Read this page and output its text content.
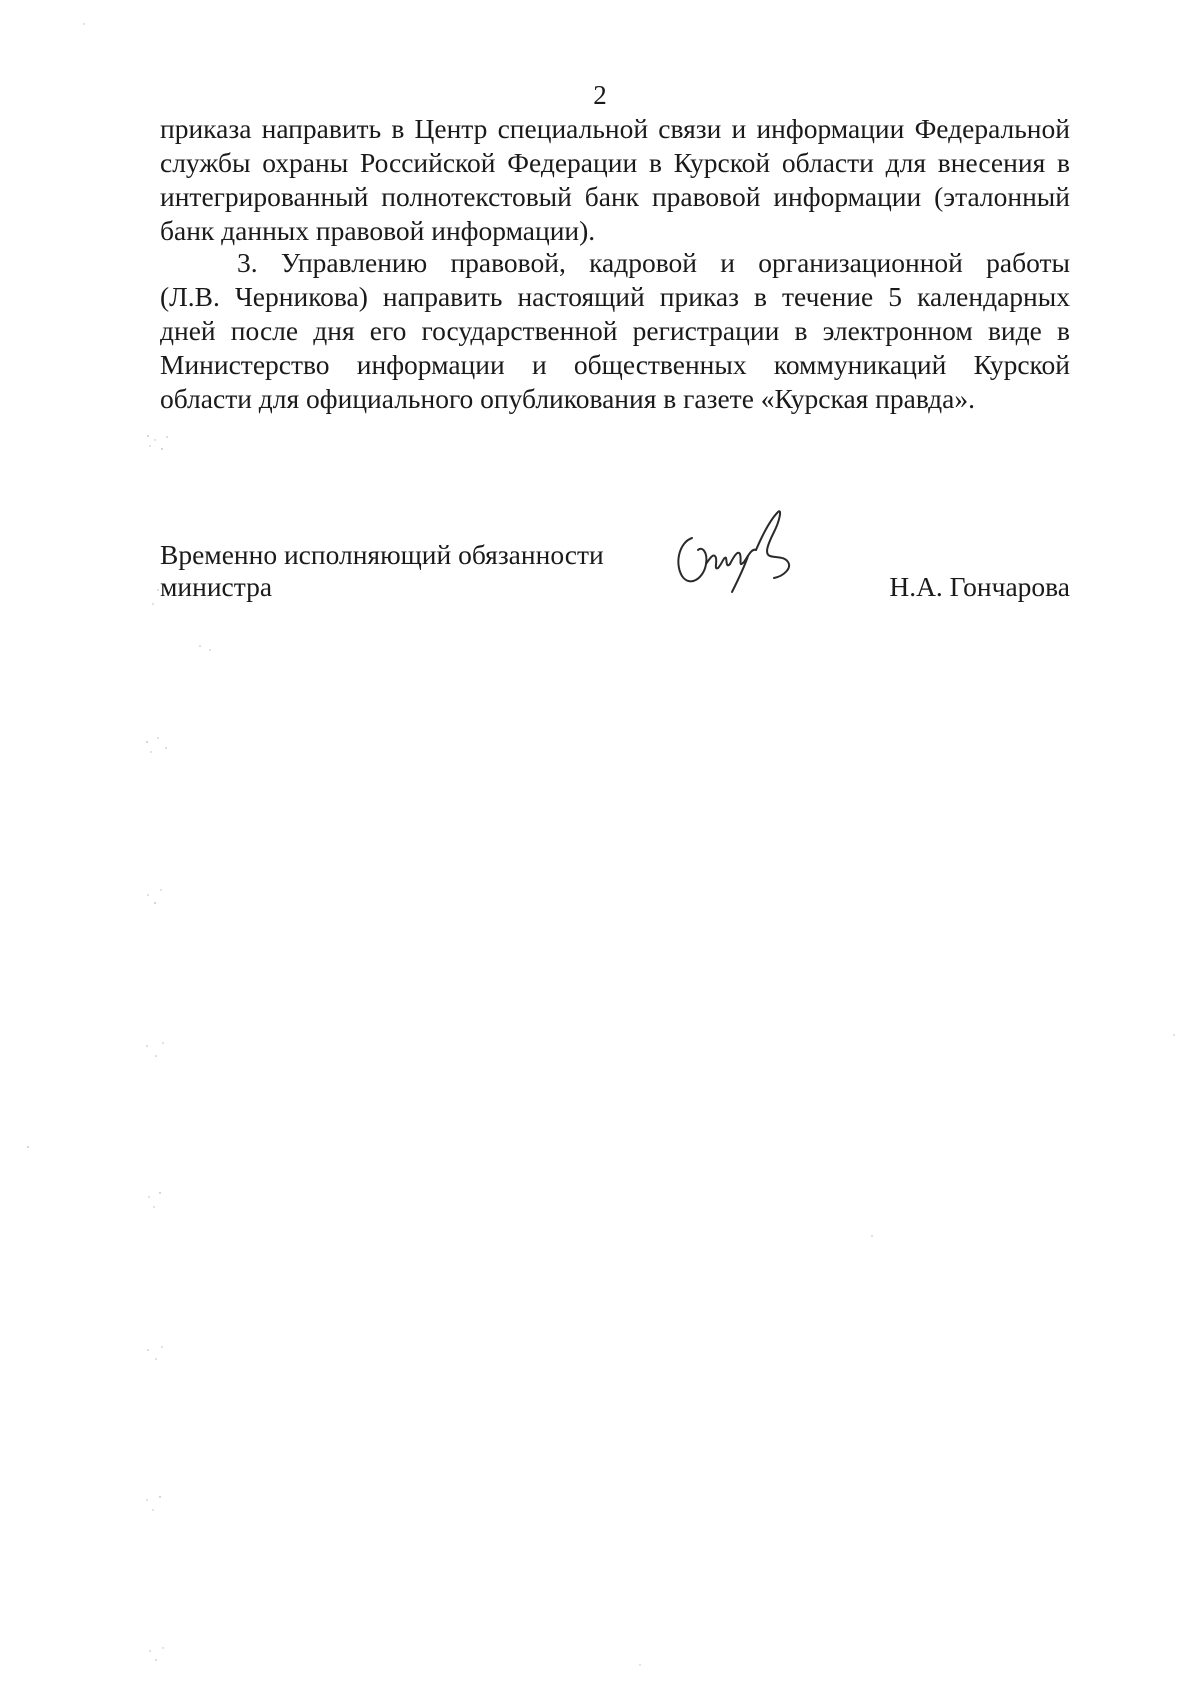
2
приказа направить в Центр специальной связи и информации Федеральной
службы охраны Российской Федерации в Курской области для внесения в
интегрированный полнотекстовый банк правовой информации (эталонный
банк данных правовой информации).
3. Управлению правовой, кадровой и организационной работы
(Л.В. Черникова) направить настоящий приказ в течение 5 календарных
дней после дня его государственной регистрации в электронном виде в
Министерство информации и общественных коммуникаций Курской
области для официального опубликования в газете «Курская правда».
Временно исполняющий обязанности
министра	Н.А. Гончарова
